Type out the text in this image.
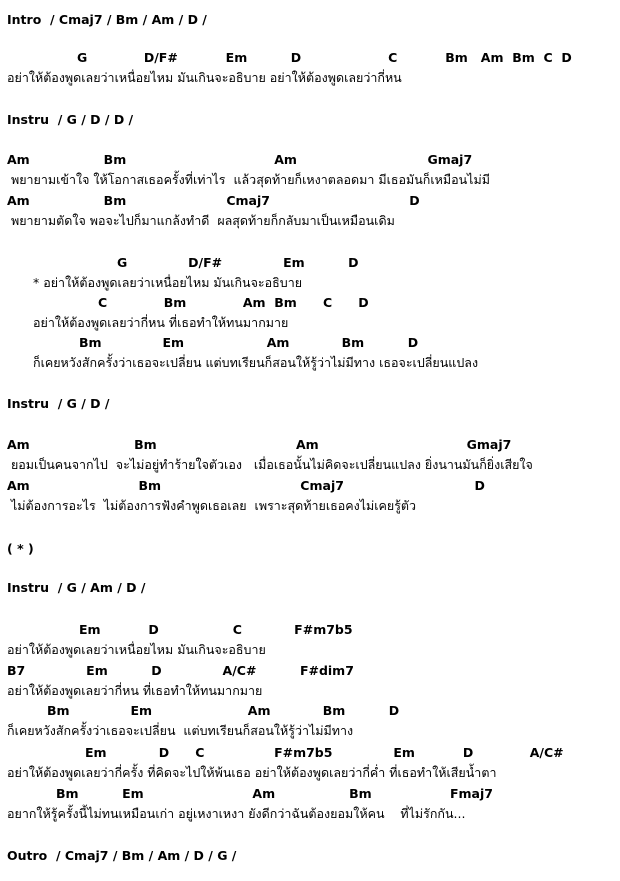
Intro  / Cmaj7 / Bm / Am / D /
G             D/F#           Em          D                    C           Bm   Am  Bm  C  D
อย่าให้ต้องพูดเลยว่าเหนื่อยไหม มันเกินจะอธิบาย อย่าให้ต้องพูดเลยว่ากี่หน
Instru  / G / D / D /
Am                 Bm                                  Am                              Gmaj7
พยายามเข้าใจ ให้โอกาสเธอครั้งที่เท่าไร  แล้วสุดท้ายก็เหงาตลอดมา มีเธอมันก็เหมือนไม่มี
Am                 Bm                       Cmaj7                                D
พยายามตัดใจ พอจะไปก็มาแกล้งทำดี  ผลสุดท้ายก็กลับมาเป็นเหมือนเดิม
G              D/F#              Em          D
* อย่าให้ต้องพูดเลยว่าเหนื่อยไหม มันเกินจะอธิบาย
C             Bm             Am  Bm      C      D
อย่าให้ต้องพูดเลยว่ากี่หน ที่เธอทำให้ทนมากมาย
Bm              Em                   Am            Bm          D
ก็เคยหวังสักครั้งว่าเธอจะเปลี่ยน แต่บทเรียนก็สอนให้รู้ว่าไม่มีทาง เธอจะเปลี่ยนแปลง
Instru  / G / D /
Am                        Bm                                Am                                  Gmaj7
ยอมเป็นคนจากไป  จะไม่อยู่ทำร้ายใจตัวเอง   เมื่อเธอนั้นไม่คิดจะเปลี่ยนแปลง ยิ่งนานมันก็ยิ่งเสียใจ
Am                         Bm                                Cmaj7                              D
ไม่ต้องการอะไร  ไม่ต้องการฟังคำพูดเธอเลย  เพราะสุดท้ายเธอคงไม่เคยรู้ตัว
( * )
Instru  / G / Am / D /
Em           D                 C            F#m7b5
อย่าให้ต้องพูดเลยว่าเหนื่อยไหม มันเกินจะอธิบาย
B7              Em          D              A/C#          F#dim7
อย่าให้ต้องพูดเลยว่ากี่หน ที่เธอทำให้ทนมากมาย
Bm              Em                      Am            Bm          D
ก็เคยหวังสักครั้งว่าเธอจะเปลี่ยน  แต่บทเรียนก็สอนให้รู้ว่าไม่มีทาง
Em            D      C                F#m7b5              Em           D             A/C#
อย่าให้ต้องพูดเลยว่ากี่ครั้ง ที่คิดจะไปให้พ้นเธอ อย่าให้ต้องพูดเลยว่ากี่ค่ำ ที่เธอทำให้เสียน้ำตา
Bm          Em                         Am                 Bm                  Fmaj7
อยากให้รู้ครั้งนี้ไม่ทนเหมือนเก่า อยู่เหงาเหงา ยังดีกว่าฉันต้องยอมให้คน    ที่ไม่รักกัน...
Outro  / Cmaj7 / Bm / Am / D / G /
